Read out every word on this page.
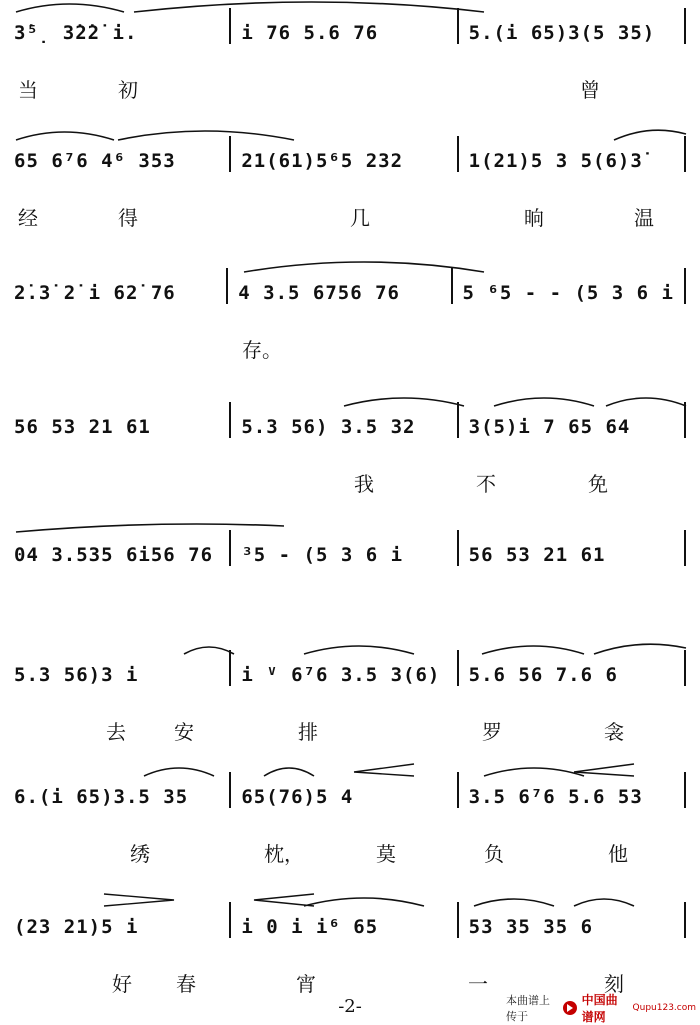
3̇⁵̣ 3̇2̇2̇ i.	i 76 5.6 76	5.(i 65)3(5 35)
当	初	曾
65 6⁷6 4⁶ 353	21(61)5⁶5 232	1(21)5 3 5(6)3̇
经	得	几	晌	温
2̇.3̇ 2̇ i 62̇ 76	4 3.5 6756 76	5 ⁶5 - - (5 3 6 i
存。
56 53 21 61	5.3 56) 3.5 32	3(5)i 7 65 64
我	不	免
04 3.535 6i56 76	³5 - (5 3 6 i	56 53 21 61
5.3 56)3 i	i ⱽ 6⁷6 3.5 3(6)	5.6 56 7.6 6
去 安	排	罗	衾
6.(i 65)3.5 35	65(76)5 4	3.5 6⁷6 5.6 53
绣	枕，	莫	负	他
(23 21)5 i	i 0 i i⁶ 65	53 35 35 6
好 春	宵	一	刻
-2-	本曲谱上传于
中国曲谱网
Qupu123.com
